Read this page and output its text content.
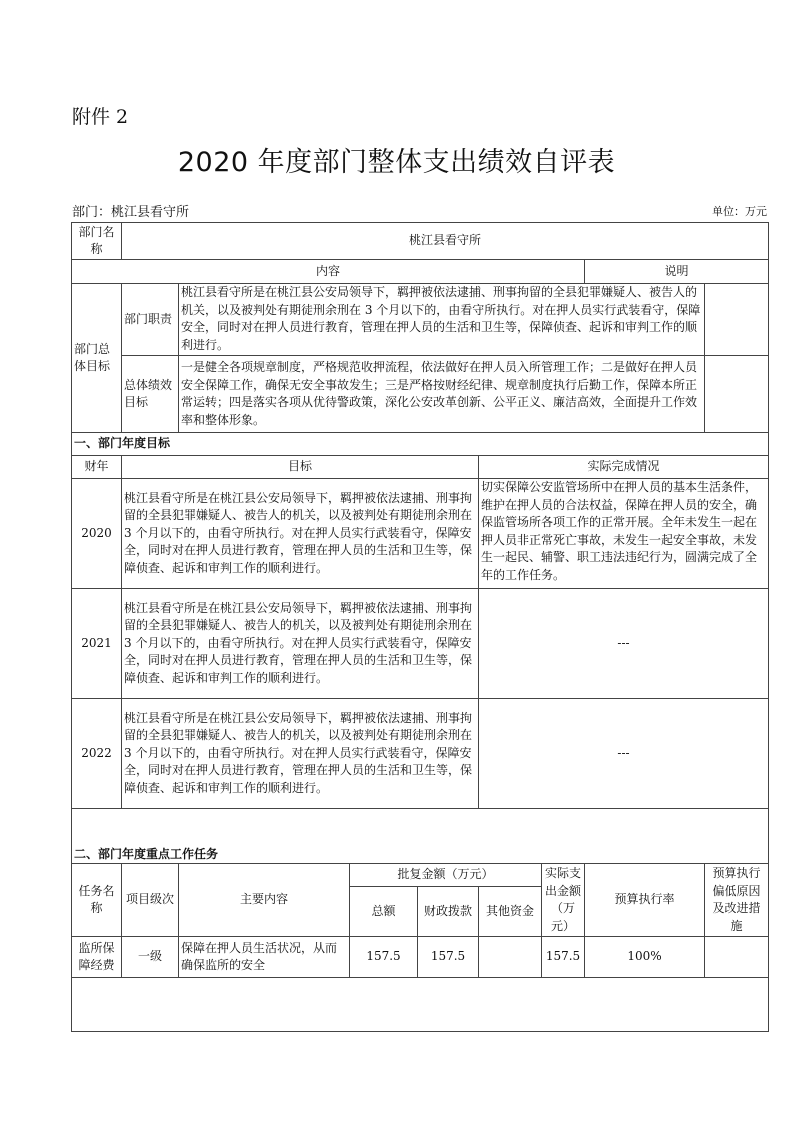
附件 2
2020 年度部门整体支出绩效自评表
部门：桃江县看守所	单位：万元
部门名称	桃江县看守所							
内容							说明	
部门总体目标	部门职责	桃江县看守所是在桃江县公安局领导下，羁押被依法逮捕、刑事拘留的全县犯罪嫌疑人、被告人的机关，以及被判处有期徒刑余刑在 3 个月以下的，由看守所执行。对在押人员实行武装看守，保障安全，同时对在押人员进行教育，管理在押人员的生活和卫生等，保障侦查、起诉和审判工作的顺利进行。						
	总体绩效目标	一是健全各项规章制度，严格规范收押流程，依法做好在押人员入所管理工作；二是做好在押人员安全保障工作，确保无安全事故发生；三是严格按财经纪律、规章制度执行后勤工作，保障本所正常运转；四是落实各项从优待警政策，深化公安改革创新、公平正义、廉洁高效，全面提升工作效率和整体形象。						
一、部门年度目标								
财年	目标				实际完成情况			
2020	桃江县看守所是在桃江县公安局领导下，羁押被依法逮捕、刑事拘留的全县犯罪嫌疑人、被告人的机关，以及被判处有期徒刑余刑在 3 个月以下的，由看守所执行。对在押人员实行武装看守，保障安全，同时对在押人员进行教育，管理在押人员的生活和卫生等，保障侦查、起诉和审判工作的顺利进行。				切实保障公安监管场所中在押人员的基本生活条件，维护在押人员的合法权益，保障在押人员的安全，确保监管场所各项工作的正常开展。全年未发生一起在押人员非正常死亡事故，未发生一起安全事故，未发生一起民、辅警、职工违法违纪行为，圆满完成了全年的工作任务。			
2021	桃江县看守所是在桃江县公安局领导下，羁押被依法逮捕、刑事拘留的全县犯罪嫌疑人、被告人的机关，以及被判处有期徒刑余刑在 3 个月以下的，由看守所执行。对在押人员实行武装看守，保障安全，同时对在押人员进行教育，管理在押人员的生活和卫生等，保障侦查、起诉和审判工作的顺利进行。				---			
2022	桃江县看守所是在桃江县公安局领导下，羁押被依法逮捕、刑事拘留的全县犯罪嫌疑人、被告人的机关，以及被判处有期徒刑余刑在 3 个月以下的，由看守所执行。对在押人员实行武装看守，保障安全，同时对在押人员进行教育，管理在押人员的生活和卫生等，保障侦查、起诉和审判工作的顺利进行。				---			
二、部门年度重点工作任务								
任务名称	项目级次	主要内容	批复金额（万元）			实际支出金额（万元）	预算执行率	预算执行偏低原因及改进措施
			总额	财政拨款	其他资金			
监所保障经费	一级	保障在押人员生活状况，从而确保监所的安全	157.5	157.5		157.5	100%	
